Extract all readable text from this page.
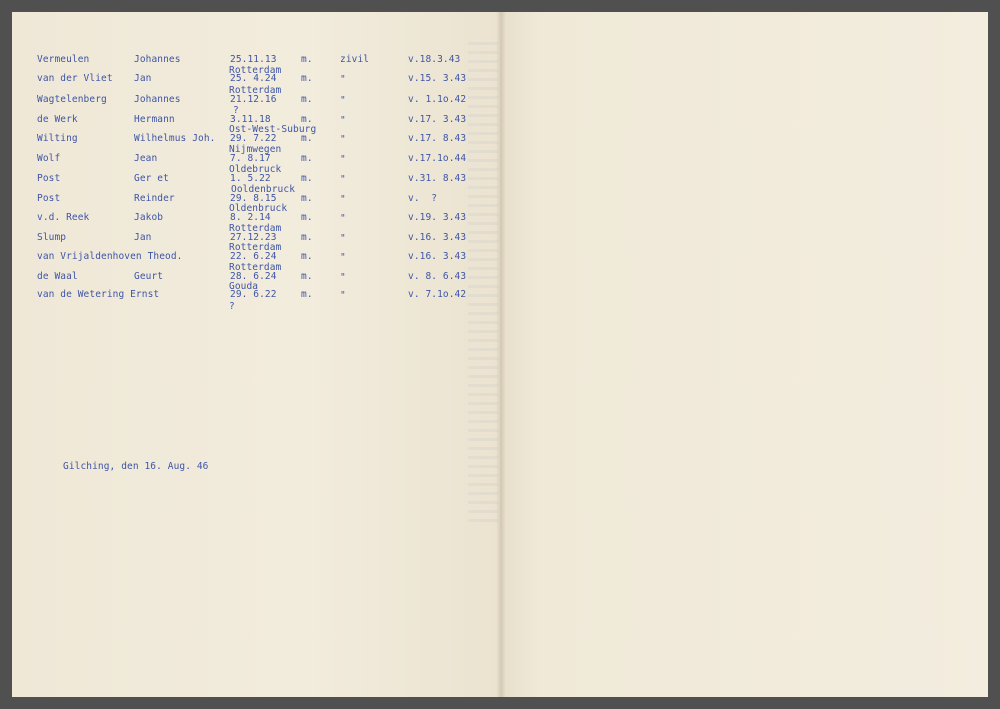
Vermeulen	Johannes	25.11.13	m.	zivil	v.18.3.43
Rotterdam
van der Vliet Jan	25. 4.24	m.	"	v.15. 3.43
Rotterdam
Wagtelenberg	Johannes	21.12.16	m.	"	v. 1.1o.42
?
de Werk	Hermann	3.11.18	m.	"	v.17. 3.43
Ost-West-Suburg
Wilting	Wilhelmus Joh. 29. 7.22	m.	"	v.17. 8.43
Nijmwegen
Wolf	Jean	7. 8.17	m.	"	v.17.1o.44
Oldebruck
Post	Ger et	1. 5.22	m.	"	v.31. 8.43
Ooldenbruck
Post	Reinder	29. 8.15	m.	"	v.  ?
Oldenbruck
v.d. Reek	Jakob	8. 2.14	m.	"	v.19. 3.43
Rotterdam
Slump	Jan	27.12.23	m.	"	v.16. 3.43
Rotterdam
van Vrijaldenhoven Theod.	22. 6.24	m.	"	v.16. 3.43
Rotterdam
de Waal	Geurt	28. 6.24	m.	"	v. 8. 6.43
Gouda
van de Wetering Ernst	29. 6.22	m.	"	v. 7.1o.42
?
Gilching, den 16. Aug. 46
